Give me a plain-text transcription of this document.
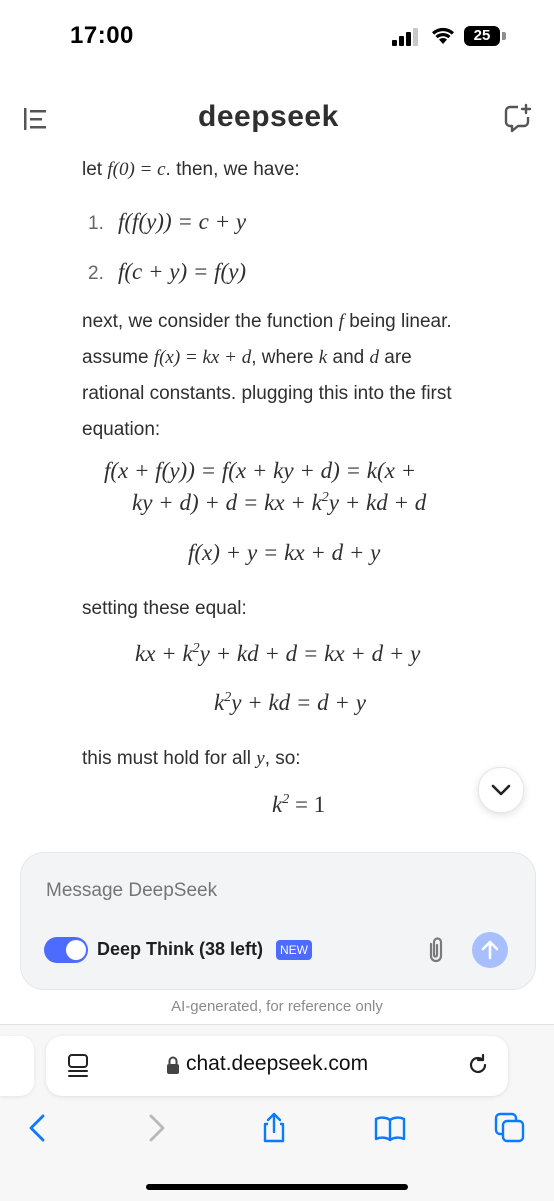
17:00	25
deepseek
let f(0) = c. then, we have:
1. f(f(y)) = c + y
2. f(c + y) = f(y)
next, we consider the function f being linear.
assume f(x) = kx + d, where k and d are
rational constants. plugging this into the first
equation:
f(x + f(y)) = f(x + ky + d) = k(x +
ky + d) + d = kx + $k^2y$ + kd + d
f(x) + y = kx + d + y
setting these equal:
kx + $k^2y$ + kd + d = kx + d + y
$k^2y$ + kd = d + y
this must hold for all y, so:
$k^2 = 1$
Message DeepSeek
Deep Think (38 left)	NEW
AI-generated, for reference only
chat.deepseek.com
